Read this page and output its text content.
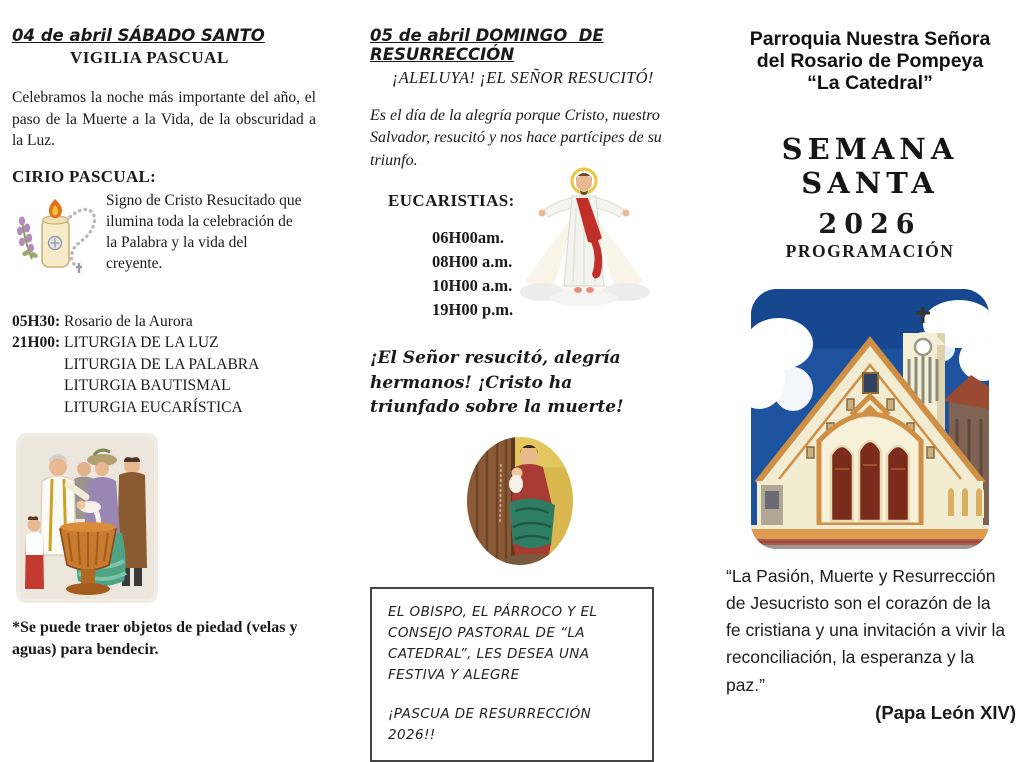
04 de abril SÁBADO SANTO
VIGILIA PASCUAL

Celebramos la noche más importante del año, el paso de la Muerte a la Vida, de la obscuridad a la Luz.

CIRIO PASCUAL:

Signo de Cristo Resucitado que ilumina toda la celebración de la Palabra y la vida del creyente.

05H30: Rosario de la Aurora
21H00: LITURGIA DE LA LUZ
LITURGIA DE LA PALABRA
LITURGIA BAUTISMAL
LITURGIA EUCARÍSTICA

*Se puede traer objetos de piedad (velas y aguas) para bendecir.

05 de abril DOMINGO  DE
RESURRECCIÓN
¡ALELUYA! ¡EL SEÑOR RESUCITÓ!

Es el día de la alegría porque Cristo, nuestro Salvador, resucitó y nos hace partícipes de su triunfo.

EUCARISTIAS:
06H00am.
08H00 a.m.
10H00 a.m.
19H00 p.m.

¡El Señor resucitó, alegría hermanos! ¡Cristo ha triunfado sobre la muerte!

EL OBISPO, EL PÁRROCO Y EL CONSEJO PASTORAL DE “LA CATEDRAL”, LES DESEA UNA FESTIVA Y ALEGRE

¡PASCUA DE RESURRECCIÓN 2026!!

Parroquia Nuestra Señora
del Rosario de Pompeya
“La Catedral”
SEMANA SANTA
2026
PROGRAMACIÓN

“La Pasión, Muerte y Resurrección de Jesucristo son el corazón de la fe cristiana y una invitación a vivir la reconciliación, la esperanza y la paz.”

(Papa León XIV)
